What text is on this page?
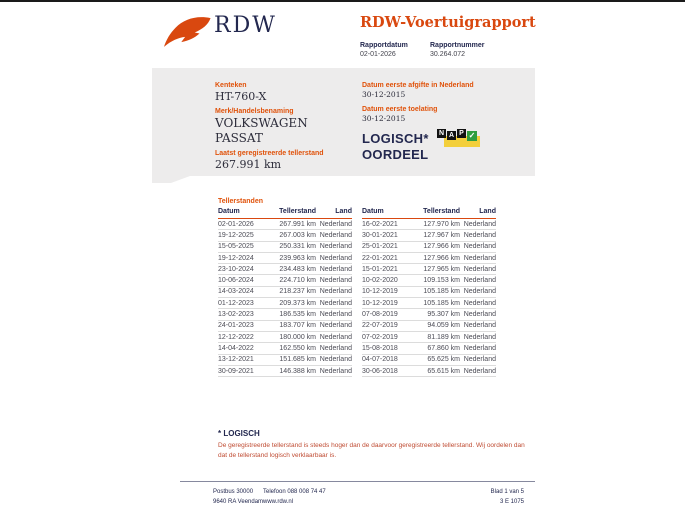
RDW	RDW-Voertuigrapport
Rapportdatum
02-01-2026
Rapportnummer
30.264.072
Kenteken
HT-760-X
Merk/Handelsbenaming
VOLKSWAGEN
PASSAT
Laatst geregistreerde tellerstand
267.991 km
Datum eerste afgifte in Nederland
30-12-2015
Datum eerste toelating
30-12-2015
LOGISCH*
OORDEEL
N A P ✓
Tellerstanden
Datum	Tellerstand	Land
02-01-2026	267.991 km Nederland
19-12-2025	267.003 km Nederland
15-05-2025	250.331 km Nederland
19-12-2024	239.963 km Nederland
23-10-2024	234.483 km Nederland
10-06-2024	224.710 km Nederland
14-03-2024	218.237 km Nederland
01-12-2023	209.373 km Nederland
13-02-2023	186.535 km Nederland
24-01-2023	183.707 km Nederland
12-12-2022	180.000 km Nederland
14-04-2022	162.550 km Nederland
13-12-2021	151.685 km Nederland
30-09-2021	146.388 km Nederland
Datum	Tellerstand	Land
16-02-2021	127.970 km Nederland
30-01-2021	127.967 km Nederland
25-01-2021	127.966 km Nederland
22-01-2021	127.966 km Nederland
15-01-2021	127.965 km Nederland
10-02-2020	109.153 km Nederland
10-12-2019	105.185 km Nederland
10-12-2019	105.185 km Nederland
07-08-2019	95.307 km Nederland
22-07-2019	94.059 km Nederland
07-02-2019	81.189 km Nederland
15-08-2018	67.860 km Nederland
04-07-2018	65.625 km Nederland
30-06-2018	65.615 km Nederland
* LOGISCH
De geregistreerde tellerstand is steeds hoger dan de daarvoor geregistreerde tellerstand. Wij oordelen dan dat de tellerstand logisch verklaarbaar is.
Postbus 30000
9640 RA Veendam
Telefoon 088 008 74 47
www.rdw.nl
Blad 1 van 5
3 E 1075
